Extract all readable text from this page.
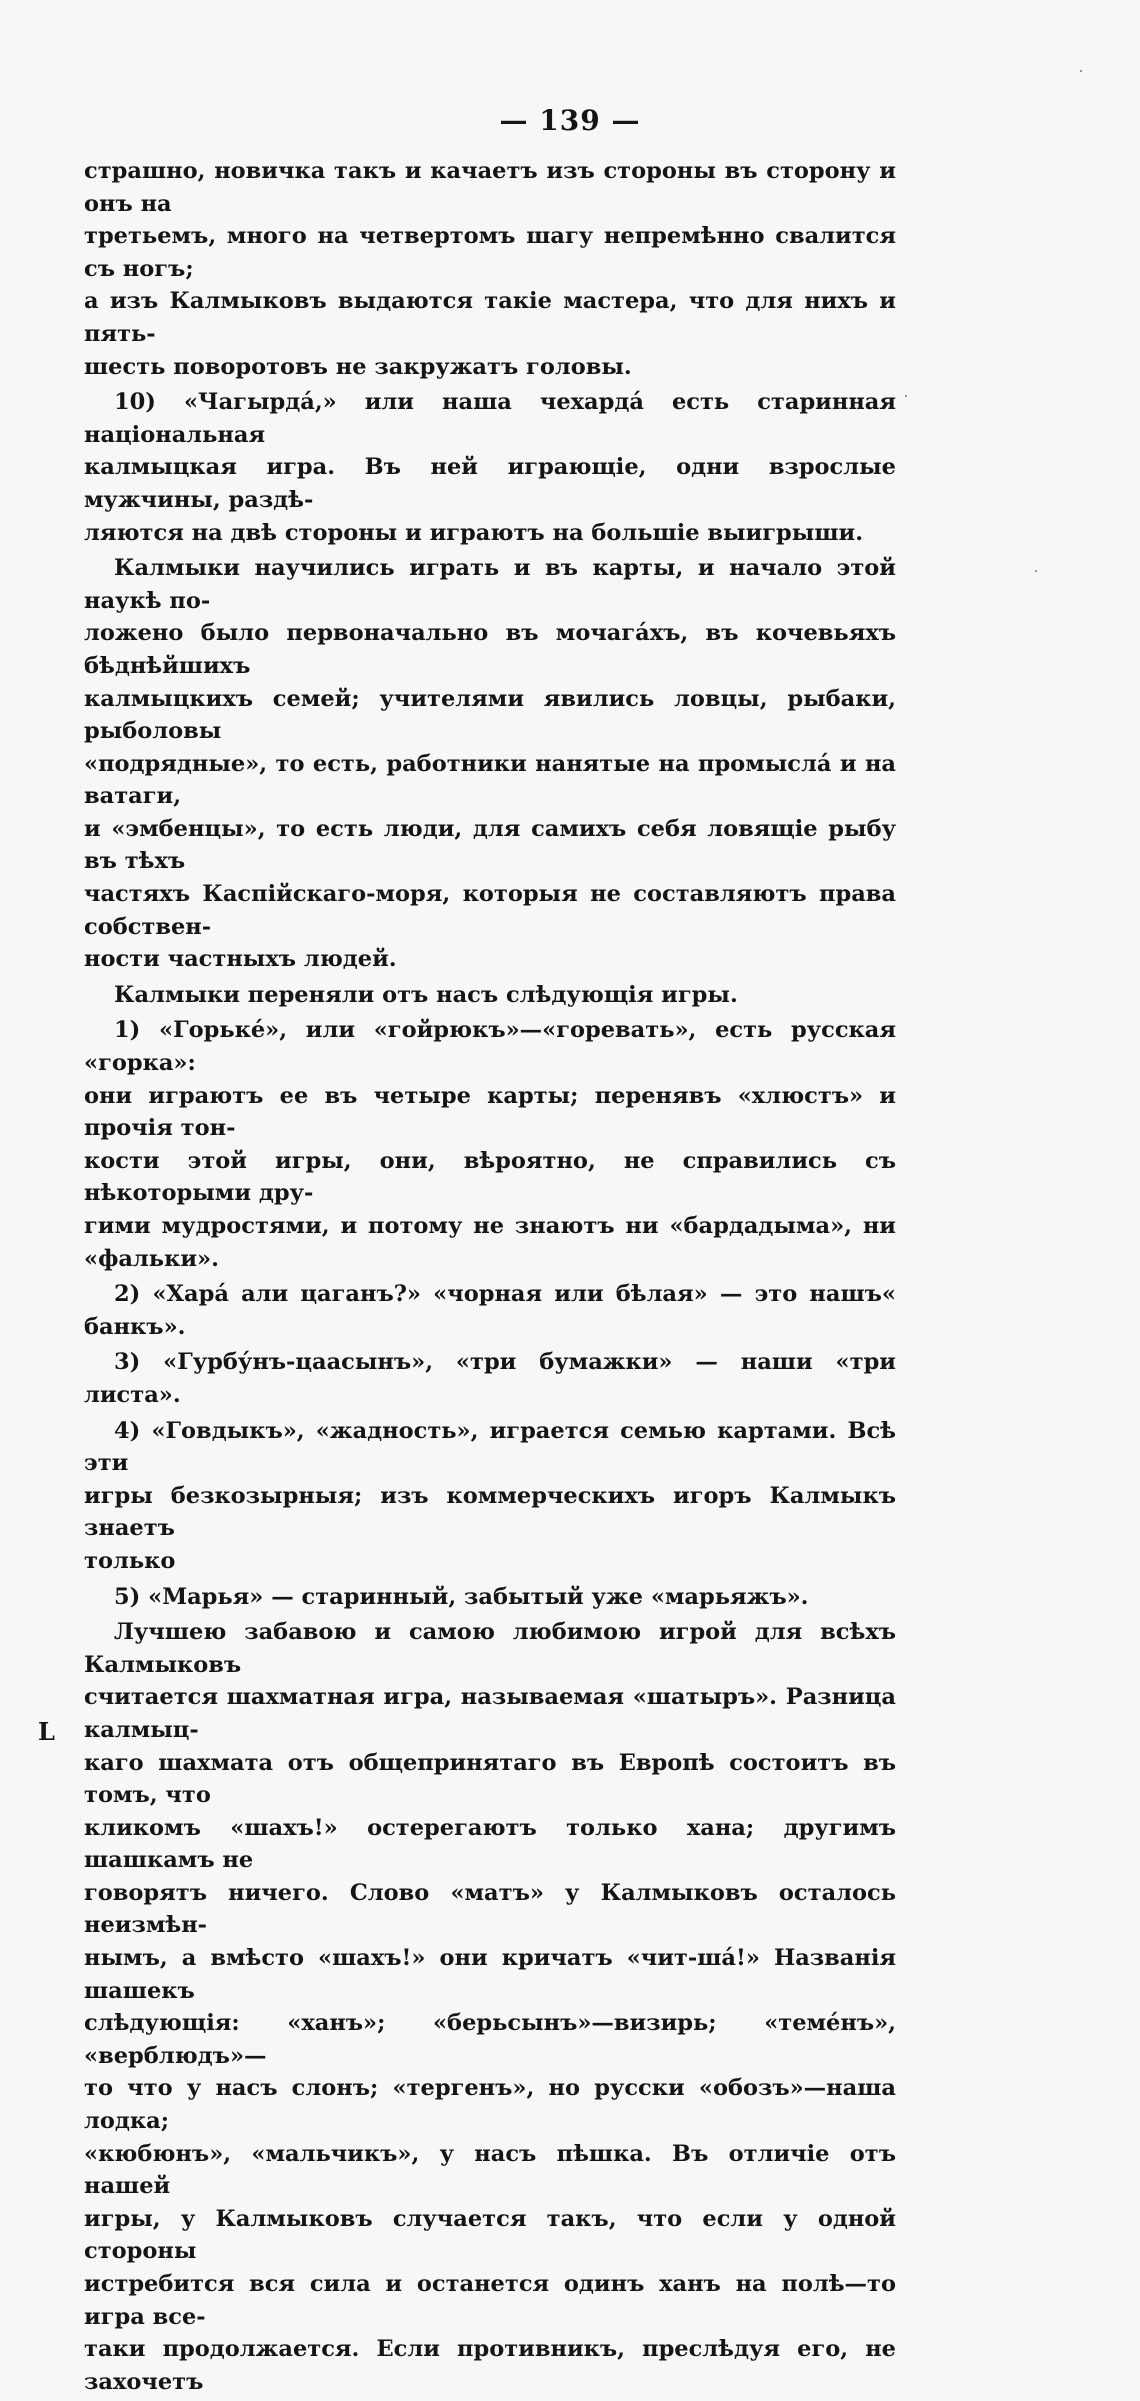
— 139 —

страшно, новичка такъ и качаетъ изъ стороны въ сторону и онъ на
третьемъ, много на четвертомъ шагу непремѣнно свалится съ ногъ;
а изъ Калмыковъ выдаются такіе мастера, что для нихъ и пять-
шесть поворотовъ не закружатъ головы.

10) «Чагырда́,» или наша чехарда́ есть старинная національная
калмыцкая игра. Въ ней играющіе, одни взрослые мужчины, раздѣ-
ляются на двѣ стороны и играютъ на большіе выигрыши.

Калмыки научились играть и въ карты, и начало этой наукѣ по-
ложено было первоначально въ мочага́хъ, въ кочевьяхъ бѣднѣйшихъ
калмыцкихъ семей; учителями явились ловцы, рыбаки, рыболовы
«подрядные», то есть, работники нанятые на промысла́ и на ватаги,
и «эмбенцы», то есть люди, для самихъ себя ловящіе рыбу въ тѣхъ
частяхъ Каспійскаго-моря, которыя не составляютъ права собствен-
ности частныхъ людей.

Калмыки переняли отъ насъ слѣдующія игры.

1) «Горьке́», или «гойрюкъ»—«горевать», есть русская «горка»:
они играютъ ее въ четыре карты; перенявъ «хлюстъ» и прочія тон-
кости этой игры, они, вѣроятно, не справились съ нѣкоторыми дру-
гими мудростями, и потому не знаютъ ни «бардадыма», ни «фальки».

2) «Хара́ али цаганъ?» «чорная или бѣлая» — это нашъ« банкъ».

3) «Гурбу́нъ-цаасынъ», «три бумажки» — наши «три листа».

4) «Говдыкъ», «жадность», играется семью картами. Всѣ эти
игры безкозырныя; изъ коммерческихъ игоръ Калмыкъ знаетъ
только

5) «Марья» — старинный, забытый уже «марьяжъ».

Лучшею забавою и самою любимою игрой для всѣхъ Калмыковъ
считается шахматная игра, называемая «шатыръ». Разница калмыц-
каго шахмата отъ общепринятаго въ Европѣ состоитъ въ томъ, что
кликомъ «шахъ!» остерегаютъ только хана; другимъ шашкамъ не
говорятъ ничего. Слово «матъ» у Калмыковъ осталось неизмѣн-
нымъ, а вмѣсто «шахъ!» они кричатъ «чит-ша́!» Названія шашекъ
слѣдующія: «ханъ»; «берьсынъ»—визирь; «теме́нъ», «верблюдъ»—
то что у насъ слонъ; «тергенъ», но русски «обозъ»—наша лодка;
«кюбюнъ», «мальчикъ», у насъ пѣшка. Въ отличіе отъ нашей
игры, у Калмыковъ случается такъ, что если у одной стороны
истребится вся сила и останется одинъ ханъ на полѣ—то игра все-
таки продолжается. Если противникъ, преслѣдуя его, не захочетъ

L
